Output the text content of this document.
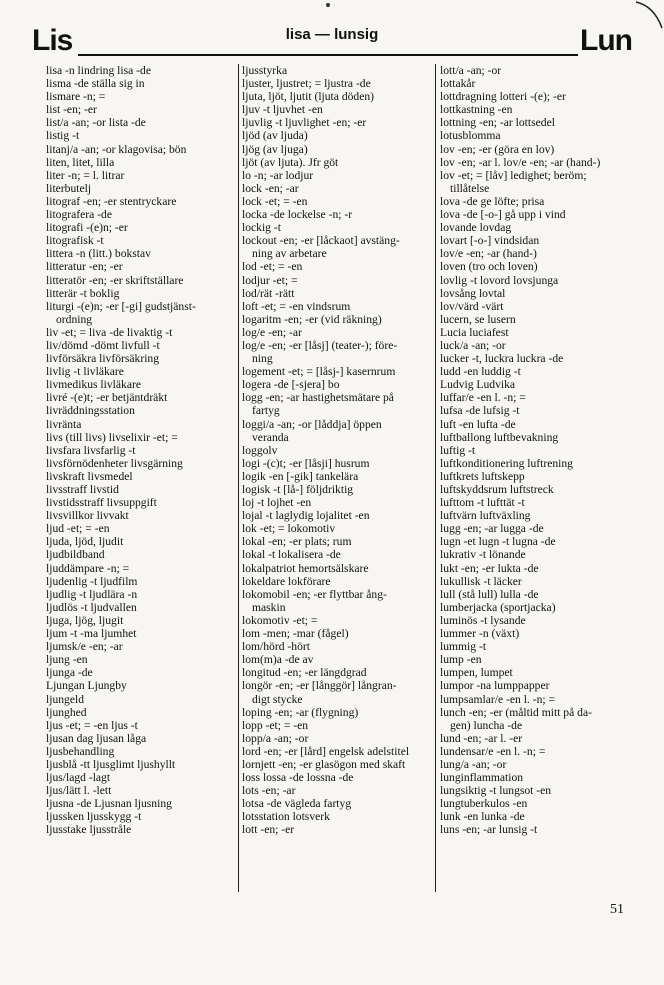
Lis	lisa — lunsig	Lun
lisa -n lindring lisa -de
lisma -de ställa sig in
lismare -n; =
list -en; -er
list/a -an; -or lista -de
listig -t
litanj/a -an; -or klagovisa; bön
liten, litet, lilla
liter -n; = l. litrar
literbutelj
litograf -en; -er stentryckare
litografera -de
litografi -(e)n; -er
litografisk -t
littera -n (litt.) bokstav
litteratur -en; -er
litteratör -en; -er skriftställare
litterär -t boklig
liturgi -(e)n; -er [-gi] gudstjänst-
ordning
liv -et; = liva -de livaktig -t
liv/dömd -dömt livfull -t
livförsäkra livförsäkring
livlig -t livläkare
livmedikus livläkare
livré -(e)t; -er betjäntdräkt
livräddningsstation
livränta
livs (till livs) livselixir -et; =
livsfara livsfarlig -t
livsförnödenheter livsgärning
livskraft livsmedel
livsstraff livstid
livstidsstraff livsuppgift
livsvillkor livvakt
ljud -et; = -en
ljuda, ljöd, ljudit
ljudbildband
ljuddämpare -n; =
ljudenlig -t ljudfilm
ljudlig -t ljudlära -n
ljudlös -t ljudvallen
ljuga, ljög, ljugit
ljum -t -ma ljumhet
ljumsk/e -en; -ar
ljung -en
ljunga -de
Ljungan Ljungby
ljungeld
ljunghed
ljus -et; = -en ljus -t
ljusan dag ljusan låga
ljusbehandling
ljusblå -tt ljusglimt ljushyllt
ljus/lagd -lagt
ljus/lätt l. -lett
ljusna -de Ljusnan ljusning
ljussken ljusskygg -t
ljusstake ljusstråle
ljusstyrka
ljuster, ljustret; = ljustra -de
ljuta, ljöt, ljutit (ljuta döden)
ljuv -t ljuvhet -en
ljuvlig -t ljuvlighet -en; -er
ljöd (av ljuda)
ljög (av ljuga)
ljöt (av ljuta). Jfr göt
lo -n; -ar lodjur
lock -en; -ar
lock -et; = -en
locka -de lockelse -n; -r
lockig -t
lockout -en; -er [låckaot] avstäng-
ning av arbetare
lod -et; = -en
lodjur -et; =
lod/rät -rätt
loft -et; = -en vindsrum
logaritm -en; -er (vid räkning)
log/e -en; -ar
log/e -en; -er [låsj] (teater-); före-
ning
logement -et; = [låsj-] kasernrum
logera -de [-sjera] bo
logg -en; -ar hastighetsmätare på
fartyg
loggi/a -an; -or [låddja] öppen
veranda
loggolv
logi -(c)t; -er [låsji] husrum
logik -en [-gik] tankelära
logisk -t [lå-] följdriktig
loj -t lojhet -en
lojal -t laglydig lojalitet -en
lok -et; = lokomotiv
lokal -en; -er plats; rum
lokal -t lokalisera -de
lokalpatriot hemortsälskare
lokeldare lokförare
lokomobil -en; -er flyttbar ång-
maskin
lokomotiv -et; =
lom -men; -mar (fågel)
lom/hörd -hört
lom(m)a -de av
longitud -en; -er längdgrad
longör -en; -er [långgör] långran-
digt stycke
loping -en; -ar (flygning)
lopp -et; = -en
lopp/a -an; -or
lord -en; -er [lård] engelsk adelstitel
lornjett -en; -er glasögon med skaft
loss lossa -de lossna -de
lots -en; -ar
lotsa -de vägleda fartyg
lotsstation lotsverk
lott -en; -er
lott/a -an; -or
lottakår
lottdragning lotteri -(e); -er
lottkastning -en
lottning -en; -ar lottsedel
lotusblomma
lov -en; -er (göra en lov)
lov -en; -ar l. lov/e -en; -ar (hand-)
lov -et; = [låv] ledighet; beröm;
tillåtelse
lova -de ge löfte; prisa
lova -de [-o-] gå upp i vind
lovande lovdag
lovart [-o-] vindsidan
lov/e -en; -ar (hand-)
loven (tro och loven)
lovlig -t lovord lovsjunga
lovsång lovtal
lov/värd -värt
lucern, se lusern
Lucia luciafest
luck/a -an; -or
lucker -t, luckra luckra -de
ludd -en luddig -t
Ludvig Ludvika
luffar/e -en l. -n; =
lufsa -de lufsig -t
luft -en lufta -de
luftballong luftbevakning
luftig -t
luftkonditionering luftrening
luftkrets luftskepp
luftskyddsrum luftstreck
lufttom -t lufttät -t
luftvärn luftväxling
lugg -en; -ar lugga -de
lugn -et lugn -t lugna -de
lukrativ -t lönande
lukt -en; -er lukta -de
lukullisk -t läcker
lull (stå lull) lulla -de
lumberjacka (sportjacka)
luminös -t lysande
lummer -n (växt)
lummig -t
lump -en
lumpen, lumpet
lumpor -na lumppapper
lumpsamlar/e -en l. -n; =
lunch -en; -er (måltid mitt på da-
gen) luncha -de
lund -en; -ar l. -er
lundensar/e -en l. -n; =
lung/a -an; -or
lunginflammation
lungsiktig -t lungsot -en
lungtuberkulos -en
lunk -en lunka -de
luns -en; -ar lunsig -t
51
